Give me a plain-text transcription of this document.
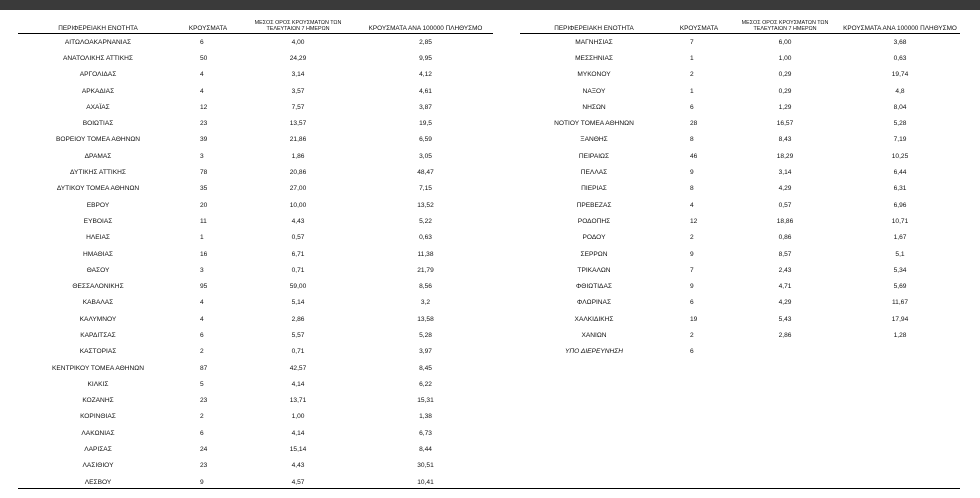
ΠΕΡΙΦΕΡΕΙΑΚΗ ΕΝΟΤΗΤΑ	ΚΡΟΥΣΜΑΤΑ	ΜΕΣΟΣ ΟΡΟΣ ΚΡΟΥΣΜΑΤΩΝ ΤΩΝ ΤΕΛΕΥΤΑΙΩΝ 7 ΗΜΕΡΩΝ	ΚΡΟΥΣΜΑΤΑ ΑΝΑ 100000 ΠΛΗΘΥΣΜΟ
ΑΙΤΩΛΟΑΚΑΡΝΑΝΙΑΣ	6	4,00	2,85
ΑΝΑΤΟΛΙΚΗΣ ΑΤΤΙΚΗΣ	50	24,29	9,95
ΑΡΓΟΛΙΔΑΣ	4	3,14	4,12
ΑΡΚΑΔΙΑΣ	4	3,57	4,61
ΑΧΑΪΑΣ	12	7,57	3,87
ΒΟΙΩΤΙΑΣ	23	13,57	19,5
ΒΟΡΕΙΟΥ ΤΟΜΕΑ ΑΘΗΝΩΝ	39	21,86	6,59
ΔΡΑΜΑΣ	3	1,86	3,05
ΔΥΤΙΚΗΣ ΑΤΤΙΚΗΣ	78	20,86	48,47
ΔΥΤΙΚΟΥ ΤΟΜΕΑ ΑΘΗΝΩΝ	35	27,00	7,15
ΕΒΡΟΥ	20	10,00	13,52
ΕΥΒΟΙΑΣ	11	4,43	5,22
ΗΛΕΙΑΣ	1	0,57	0,63
ΗΜΑΘΙΑΣ	16	6,71	11,38
ΘΑΣΟΥ	3	0,71	21,79
ΘΕΣΣΑΛΟΝΙΚΗΣ	95	59,00	8,56
ΚΑΒΑΛΑΣ	4	5,14	3,2
ΚΑΛΥΜΝΟΥ	4	2,86	13,58
ΚΑΡΔΙΤΣΑΣ	6	5,57	5,28
ΚΑΣΤΟΡΙΑΣ	2	0,71	3,97
ΚΕΝΤΡΙΚΟΥ ΤΟΜΕΑ ΑΘΗΝΩΝ	87	42,57	8,45
ΚΙΛΚΙΣ	5	4,14	6,22
ΚΟΖΑΝΗΣ	23	13,71	15,31
ΚΟΡΙΝΘΙΑΣ	2	1,00	1,38
ΛΑΚΩΝΙΑΣ	6	4,14	6,73
ΛΑΡΙΣΑΣ	24	15,14	8,44
ΛΑΣΙΘΙΟΥ	23	4,43	30,51
ΛΕΣΒΟΥ	9	4,57	10,41
ΠΕΡΙΦΕΡΕΙΑΚΗ ΕΝΟΤΗΤΑ	ΚΡΟΥΣΜΑΤΑ	ΜΕΣΟΣ ΟΡΟΣ ΚΡΟΥΣΜΑΤΩΝ ΤΩΝ ΤΕΛΕΥΤΑΙΩΝ 7 ΗΜΕΡΩΝ	ΚΡΟΥΣΜΑΤΑ ΑΝΑ 100000 ΠΛΗΘΥΣΜΟ
ΜΑΓΝΗΣΙΑΣ	7	6,00	3,68
ΜΕΣΣΗΝΙΑΣ	1	1,00	0,63
ΜΥΚΟΝΟΥ	2	0,29	19,74
ΝΑΞΟΥ	1	0,29	4,8
ΝΗΣΩΝ	6	1,29	8,04
ΝΟΤΙΟΥ ΤΟΜΕΑ ΑΘΗΝΩΝ	28	16,57	5,28
ΞΑΝΘΗΣ	8	8,43	7,19
ΠΕΙΡΑΙΩΣ	46	18,29	10,25
ΠΕΛΛΑΣ	9	3,14	6,44
ΠΙΕΡΙΑΣ	8	4,29	6,31
ΠΡΕΒΕΖΑΣ	4	0,57	6,96
ΡΟΔΟΠΗΣ	12	18,86	10,71
ΡΟΔΟΥ	2	0,86	1,67
ΣΕΡΡΩΝ	9	8,57	5,1
ΤΡΙΚΑΛΩΝ	7	2,43	5,34
ΦΘΙΩΤΙΔΑΣ	9	4,71	5,69
ΦΛΩΡΙΝΑΣ	6	4,29	11,67
ΧΑΛΚΙΔΙΚΗΣ	19	5,43	17,94
ΧΑΝΙΩΝ	2	2,86	1,28
ΥΠΟ ΔΙΕΡΕΥΝΗΣΗ	6		
